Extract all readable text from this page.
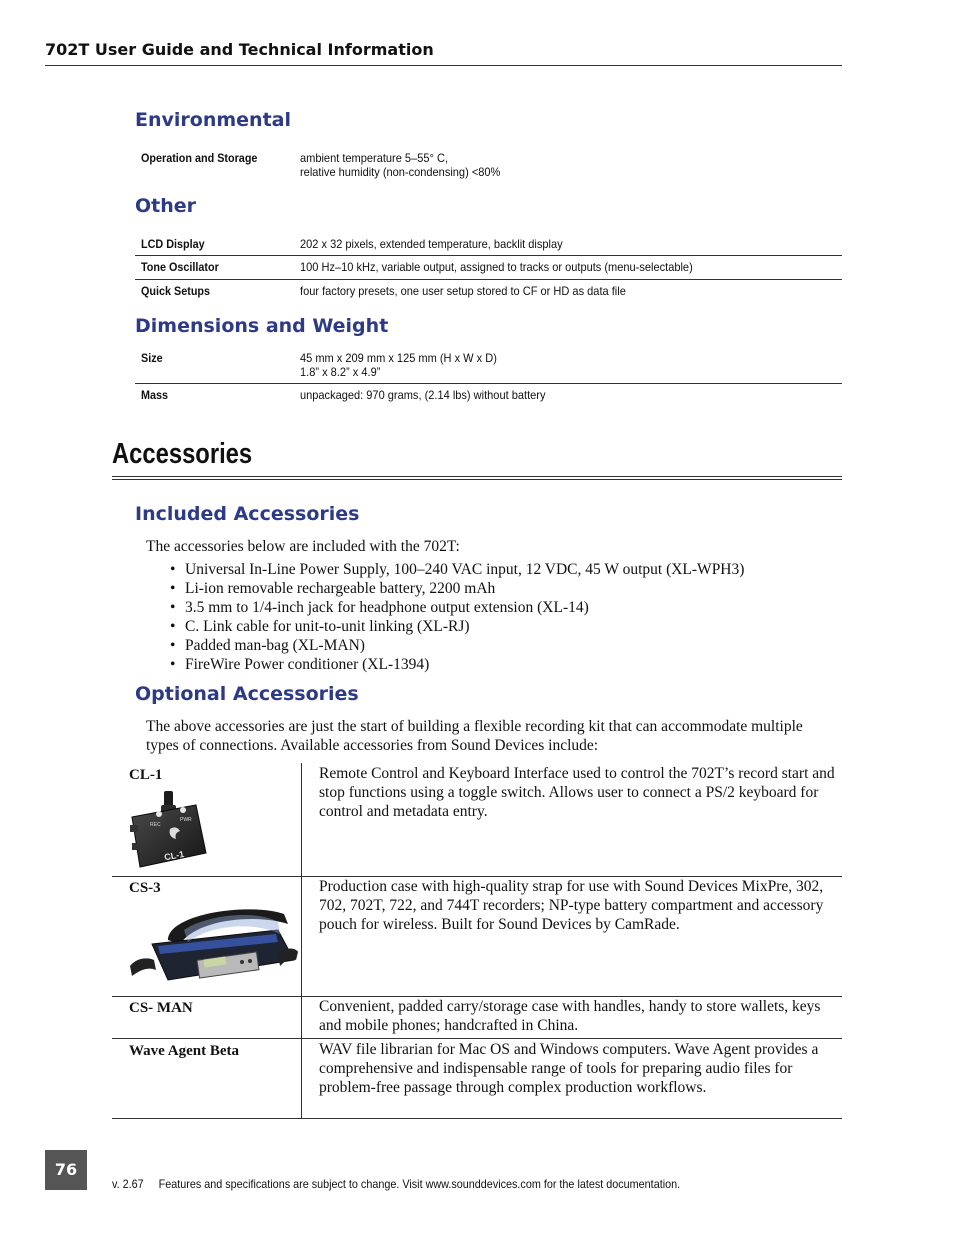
702T User Guide and Technical Information
Environmental
Operation and Storage	ambient temperature 5–55° C,
relative humidity (non-condensing) <80%
Other
LCD Display	202 x 32 pixels, extended temperature, backlit display
Tone Oscillator	100 Hz–10 kHz, variable output, assigned to tracks or outputs (menu-selectable)
Quick Setups	four factory presets, one user setup stored to CF or HD as data file
Dimensions and Weight
Size	45 mm x 209 mm x 125 mm (H x W x D)
1.8” x 8.2” x 4.9”
Mass	unpackaged: 970 grams, (2.14 lbs) without battery
Accessories
Included Accessories
The accessories below are included with the 702T:
• Universal In-Line Power Supply, 100–240 VAC input, 12 VDC, 45 W output (XL-WPH3)
• Li-ion removable rechargeable battery, 2200 mAh
• 3.5 mm to 1/4-inch jack for headphone output extension (XL-14)
• C. Link cable for unit-to-unit linking (XL-RJ)
• Padded man-bag (XL-MAN)
• FireWire Power conditioner (XL-1394)
Optional Accessories
The above accessories are just the start of building a flexible recording kit that can accommodate multiple types of connections. Available accessories from Sound Devices include:
CL-1	Remote Control and Keyboard Interface used to control the 702T’s record start and stop functions using a toggle switch. Allows user to connect a PS/2 keyboard for control and metadata entry.
REC
PWR
CL-1
CS-3	Production case with high-quality strap for use with Sound Devices MixPre, 302, 702, 702T, 722, and 744T recorders; NP-type battery compartment and accessory pouch for wireless. Built for Sound Devices by CamRade.
CS- MAN	Convenient, padded carry/storage case with handles, handy to store wallets, keys and mobile phones; handcrafted in China.
Wave Agent Beta	WAV file librarian for Mac OS and Windows computers. Wave Agent provides a comprehensive and indispensable range of tools for preparing audio files for problem-free passage through complex production workflows.
76
v. 2.67     Features and specifications are subject to change. Visit www.sounddevices.com for the latest documentation.
